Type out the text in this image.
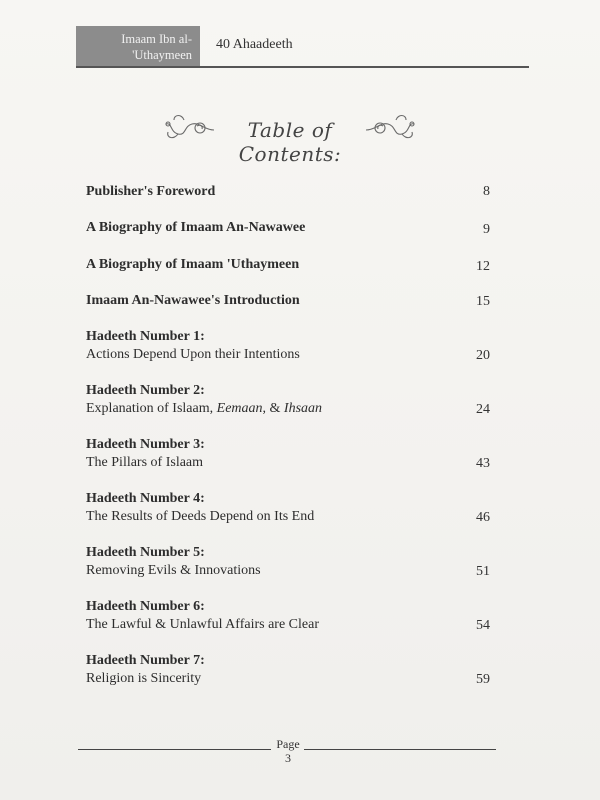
Imaam Ibn al-
'Uthaymeen
40 Ahaadeeth
Table of Contents:
Publisher's Foreword	8
A Biography of Imaam An-Nawawee	9
A Biography of Imaam 'Uthaymeen	12
Imaam An-Nawawee's Introduction	15
Hadeeth Number 1:
Actions Depend Upon their Intentions	20
Hadeeth Number 2:
Explanation of Islaam, Eemaan, & Ihsaan	24
Hadeeth Number 3:
The Pillars of Islaam	43
Hadeeth Number 4:
The Results of Deeds Depend on Its End	46
Hadeeth Number 5:
Removing Evils & Innovations	51
Hadeeth Number 6:
The Lawful & Unlawful Affairs are Clear	54
Hadeeth Number 7:
Religion is Sincerity	59
Page
3
